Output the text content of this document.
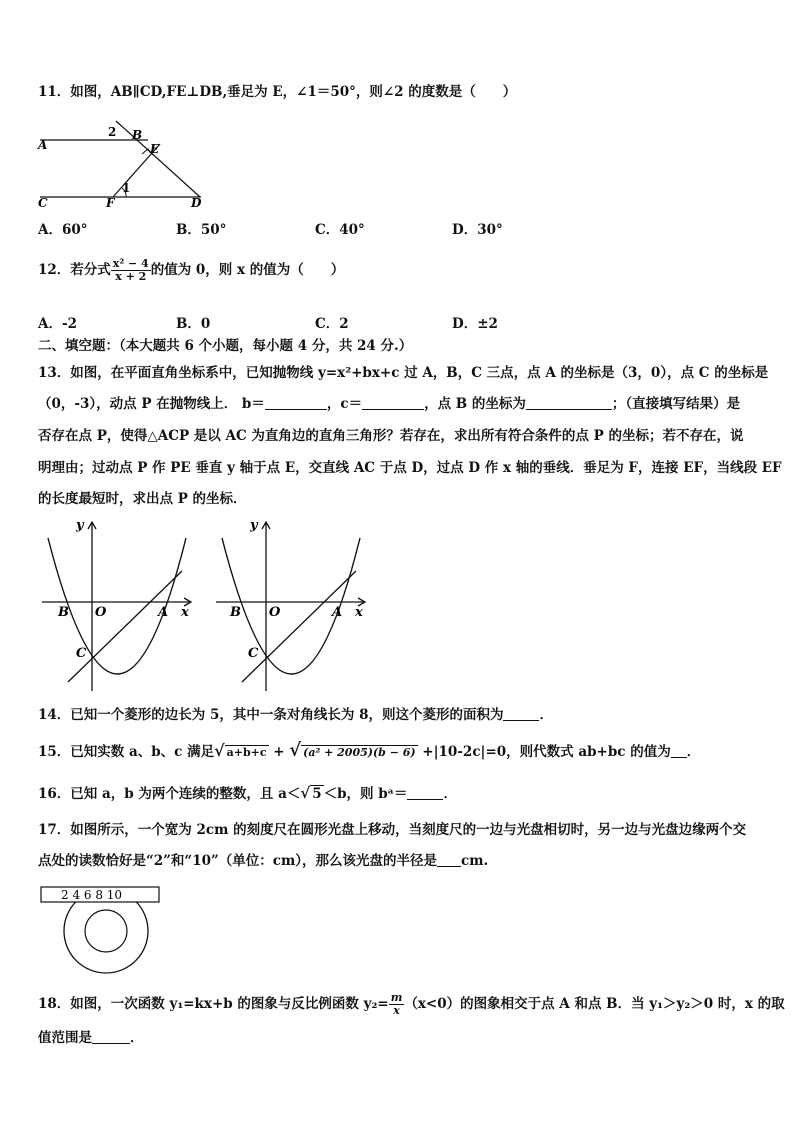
11．如图，AB∥CD,FE⊥DB,垂足为 E，∠1＝50°，则∠2 的度数是（　　）
A
B
C	D
E
F
1
2
A．60°	B．50°	C．40°	D．30°
12．若分式 $\frac{\text{x² − 4}}{x + 2}$ 的值为 0，则 x 的值为（　　）
A．-2	B．0	C．2	D．±2
二、填空题：（本大题共 6 个小题，每小题 4 分，共 24 分.）
13．如图，在平面直角坐标系中，已知抛物线 y=x²+bx+c 过 A，B，C 三点，点 A 的坐标是（3，0），点 C 的坐标是
（0，-3），动点 P 在抛物线上． b＝	，c＝	，点 B 的坐标为	；（直接填写结果）是
否存在点 P，使得△ACP 是以 AC 为直角边的直角三角形？若存在，求出所有符合条件的点 P 的坐标；若不存在，说
明理由；过动点 P 作 PE 垂直 y 轴于点 E，交直线 AC 于点 D，过点 D 作 x 轴的垂线．垂足为 F，连接 EF，当线段 EF
的长度最短时，求出点 P 的坐标．
y
x
O
B	A
C
y
x
O
B	A
C
14．已知一个菱形的边长为 5，其中一条对角线长为 8，则这个菱形的面积为	．
15．已知实数 a、b、c 满足√ a+b+c + √ (a² + 2005)(b − 6) +|10-2c|=0，则代数式 ab+bc 的值为 ．
16．已知 a，b 为两个连续的整数，且 a＜√ 5 ＜b，则 bᵃ＝	．
17．如图所示，一个宽为 2cm 的刻度尺在圆形光盘上移动，当刻度尺的一边与光盘相切时，另一边与光盘边缘两个交
点处的读数恰好是“2”和“10”（单位：cm），那么该光盘的半径是 cm.
2 4 6 8 10
18．如图，一次函数 y₁=kx+b 的图象与反比例函数 $y_2= \frac{m}{x} (x<0)$的图象相交于点 A 和点 B．当 y₁＞y₂＞0 时，x 的取
值范围是	．
